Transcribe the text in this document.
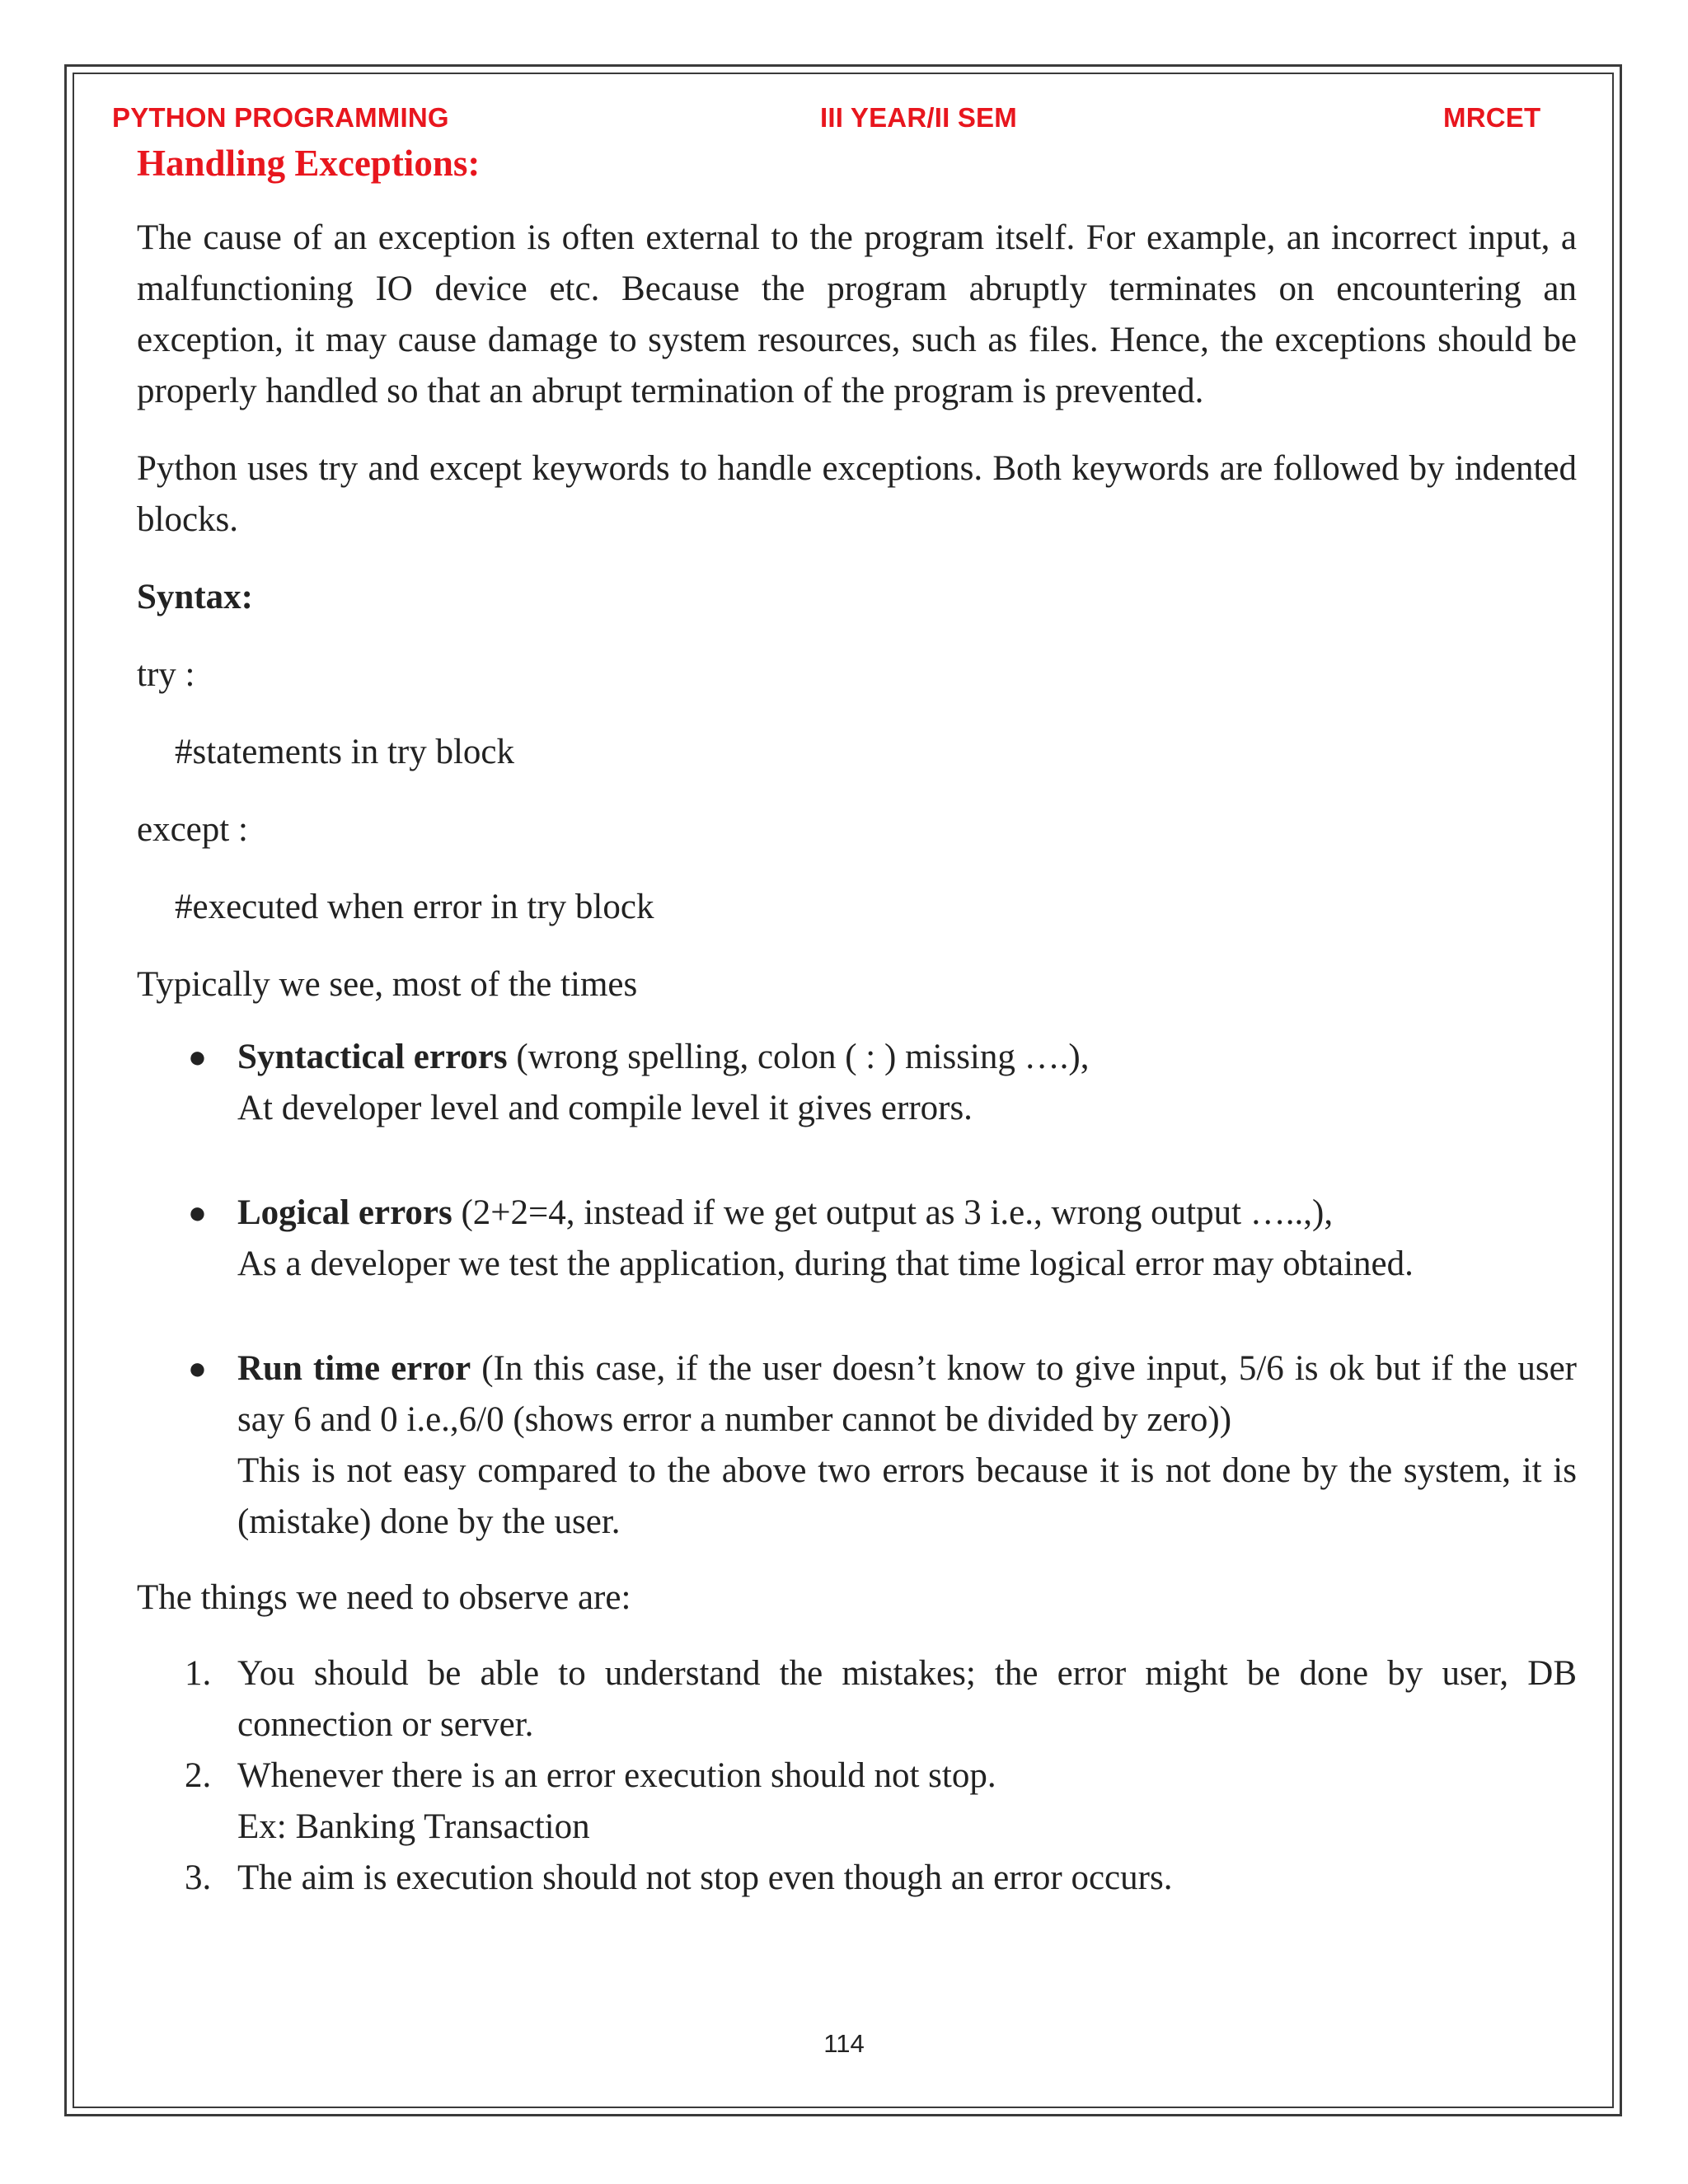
PYTHON PROGRAMMING	III YEAR/II SEM	MRCET
Handling Exceptions:

The cause of an exception is often external to the program itself. For example, an incorrect input, a malfunctioning IO device etc. Because the program abruptly terminates on encountering an exception, it may cause damage to system resources, such as files. Hence, the exceptions should be properly handled so that an abrupt termination of the program is prevented.

Python uses try and except keywords to handle exceptions. Both keywords are followed by indented blocks.

Syntax:

try :

#statements in try block

except :

#executed when error in try block

Typically we see, most of the times

● Syntactical errors (wrong spelling, colon ( : ) missing ….),
At developer level and compile level it gives errors.
● Logical errors (2+2=4, instead if we get output as 3 i.e., wrong output …..,),
As a developer we test the application, during that time logical error may obtained.
● Run time error (In this case, if the user doesn’t know to give input, 5/6 is ok but if the user say 6 and 0 i.e.,6/0 (shows error a number cannot be divided by zero))
This is not easy compared to the above two errors because it is not done by the system, it is (mistake) done by the user.

The things we need to observe are:

1. You should be able to understand the mistakes; the error might be done by user, DB connection or server.
2. Whenever there is an error execution should not stop.
Ex: Banking Transaction
3. The aim is execution should not stop even though an error occurs.
114
